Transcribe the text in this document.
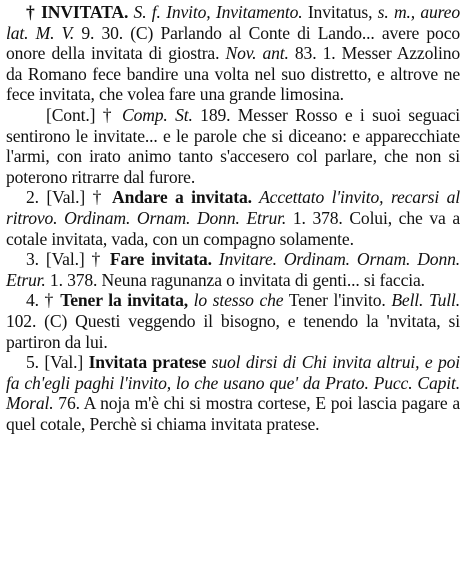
† INVITATA. S. f. Invito, Invitamento. Invitatus, s. m., aureo lat. M. V. 9. 30. (C) Parlando al Conte di Lando... avere poco onore della invitata di giostra. Nov. ant. 83. 1. Messer Azzolino da Romano fece bandire una volta nel suo distretto, e altrove ne fece invitata, che volea fare una grande limosina.

[Cont.] † Comp. St. 189. Messer Rosso e i suoi seguaci sentirono le invitate... e le parole che si diceano: e apparecchiate l'armi, con irato animo tanto s'accesero col parlare, che non si poterono ritrarre dal furore.

2. [Val.] † Andare a invitata. Accettato l'invito, recarsi al ritrovo. Ordinam. Ornam. Donn. Etrur. 1. 378. Colui, che va a cotale invitata, vada, con un compagno solamente.

3. [Val.] † Fare invitata. Invitare. Ordinam. Ornam. Donn. Etrur. 1. 378. Neuna ragunanza o invitata di genti... si faccia.

4. † Tener la invitata, lo stesso che Tener l'invito. Bell. Tull. 102. (C) Questi veggendo il bisogno, e tenendo la 'nvitata, si partiron da lui.

5. [Val.] Invitata pratese suol dirsi di Chi invita altrui, e poi fa ch'egli paghi l'invito, lo che usano que' da Prato. Pucc. Capit. Moral. 76. A noja m'è chi si mostra cortese, E poi lascia pagare a quel cotale, Perchè si chiama invitata pratese.
